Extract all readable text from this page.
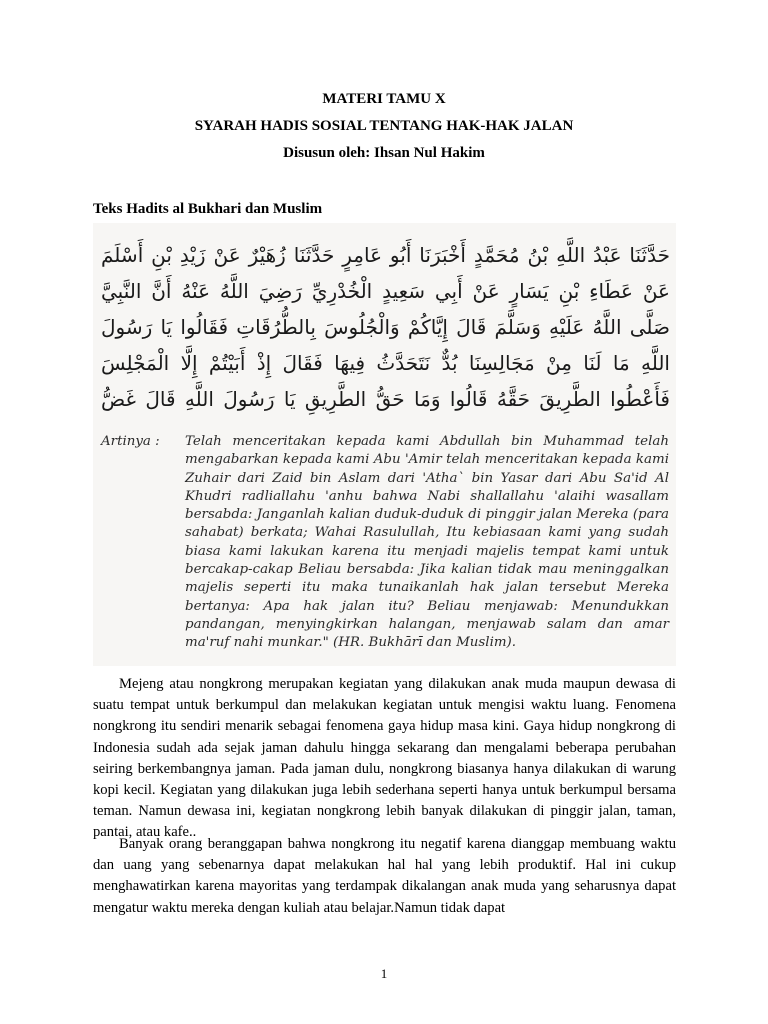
MATERI TAMU X
SYARAH HADIS SOSIAL TENTANG HAK-HAK JALAN
Disusun oleh: Ihsan Nul Hakim
Teks Hadits al Bukhari dan Muslim
حَدَّثَنَا عَبْدُ اللَّهِ بْنُ مُحَمَّدٍ أَخْبَرَنَا أَبُو عَامِرٍ حَدَّثَنَا زُهَيْرٌ عَنْ زَيْدِ بْنِ أَسْلَمَ عَنْ عَطَاءِ بْنِ يَسَارٍ عَنْ أَبِي سَعِيدٍ الْخُدْرِيِّ رَضِيَ اللَّهُ عَنْهُ أَنَّ النَّبِيَّ صَلَّى اللَّهُ عَلَيْهِ وَسَلَّمَ قَالَ إِيَّاكُمْ وَالْجُلُوسَ بِالطُّرُقَاتِ فَقَالُوا يَا رَسُولَ اللَّهِ مَا لَنَا مِنْ مَجَالِسِنَا بُدٌّ نَتَحَدَّثُ فِيهَا فَقَالَ إِذْ أَبَيْتُمْ إِلَّا الْمَجْلِسَ فَأَعْطُوا الطَّرِيقَ حَقَّهُ قَالُوا وَمَا حَقُّ الطَّرِيقِ يَا رَسُولَ اللَّهِ قَالَ غَضُّ
Artinya :	Telah menceritakan kepada kami Abdullah bin Muhammad telah mengabarkan kepada kami Abu 'Amir telah menceritakan kepada kami Zuhair dari Zaid bin Aslam dari 'Atha` bin Yasar dari Abu Sa'id Al Khudri radliallahu 'anhu bahwa Nabi shallallahu 'alaihi wasallam bersabda: Janganlah kalian duduk-duduk di pinggir jalan Mereka (para sahabat) berkata; Wahai Rasulullah, Itu kebiasaan kami yang sudah biasa kami lakukan karena itu menjadi majelis tempat kami untuk bercakap-cakap Beliau bersabda: Jika kalian tidak mau meninggalkan majelis seperti itu maka tunaikanlah hak jalan tersebut Mereka bertanya: Apa hak jalan itu? Beliau menjawab: Menundukkan pandangan, menyingkirkan halangan, menjawab salam dan amar ma'ruf nahi munkar." (HR. Bukhārī dan Muslim).

Mejeng atau nongkrong merupakan kegiatan yang dilakukan anak muda maupun dewasa di suatu tempat untuk berkumpul dan melakukan kegiatan untuk mengisi waktu luang. Fenomena nongkrong itu sendiri menarik sebagai fenomena gaya hidup masa kini. Gaya hidup nongkrong di Indonesia sudah ada sejak jaman dahulu hingga sekarang dan mengalami beberapa perubahan seiring berkembangnya jaman. Pada jaman dulu, nongkrong biasanya hanya dilakukan di warung kopi kecil. Kegiatan yang dilakukan juga lebih sederhana seperti hanya untuk berkumpul bersama teman. Namun dewasa ini, kegiatan nongkrong lebih banyak dilakukan di pinggir jalan, taman, pantai, atau kafe..

Banyak orang beranggapan bahwa nongkrong itu negatif karena dianggap membuang waktu dan uang yang sebenarnya dapat melakukan hal hal yang lebih produktif. Hal ini cukup menghawatirkan karena mayoritas yang terdampak dikalangan anak muda yang seharusnya dapat mengatur waktu mereka dengan kuliah atau belajar.Namun tidak dapat

1
